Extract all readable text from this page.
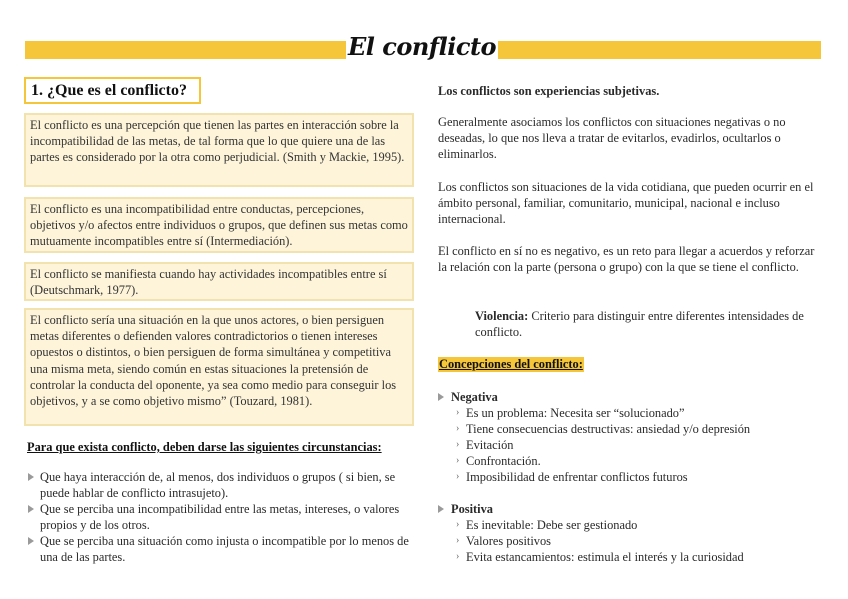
El conflicto
1. ¿Que es el conflicto?
El conflicto es una percepción que tienen las partes en interacción sobre la incompatibilidad de las metas, de tal forma que lo que quiere una de las partes es considerado por la otra como perjudicial. (Smith y Mackie, 1995).
El conflicto es una incompatibilidad entre conductas, percepciones, objetivos y/o afectos entre individuos o grupos, que definen sus metas como mutuamente incompatibles entre sí (Intermediación).
El conflicto se manifiesta cuando hay actividades incompatibles entre sí (Deutschmark, 1977).
El conflicto sería una situación en la que unos actores, o bien persiguen metas diferentes o defienden valores contradictorios o tienen intereses opuestos o distintos, o bien persiguen de forma simultánea y competitiva una misma meta, siendo común en estas situaciones la pretensión de controlar la conducta del oponente, ya sea como medio para conseguir los objetivos, y a se como objetivo mismo” (Touzard, 1981).
Para que exista conflicto, deben darse las siguientes circunstancias:
Que haya interacción de, al menos, dos individuos o grupos ( si bien, se puede hablar de conflicto intrasujeto).
Que se perciba una incompatibilidad entre las metas, intereses, o valores propios y de los otros.
Que se perciba una situación como injusta o incompatible por lo menos de una de las partes.
Los conflictos son experiencias subjetivas.
Generalmente asociamos los conflictos con situaciones negativas o no deseadas, lo que nos lleva a tratar de evitarlos, evadirlos, ocultarlos o eliminarlos.
Los conflictos son situaciones de la vida cotidiana, que pueden ocurrir en el ámbito personal, familiar, comunitario, municipal, nacional e incluso internacional.
El conflicto en sí no es negativo, es un reto para llegar a acuerdos y reforzar la relación con la parte (persona o grupo) con la que se tiene el conflicto.
Violencia: Criterio para distinguir entre diferentes intensidades de conflicto.
Concepciones del conflicto:
Negativa
› Es un problema: Necesita ser “solucionado”
› Tiene consecuencias destructivas: ansiedad y/o depresión
› Evitación
› Confrontación.
› Imposibilidad de enfrentar conflictos futuros
Positiva
› Es inevitable: Debe ser gestionado
› Valores positivos
› Evita estancamientos: estimula el interés y la curiosidad
